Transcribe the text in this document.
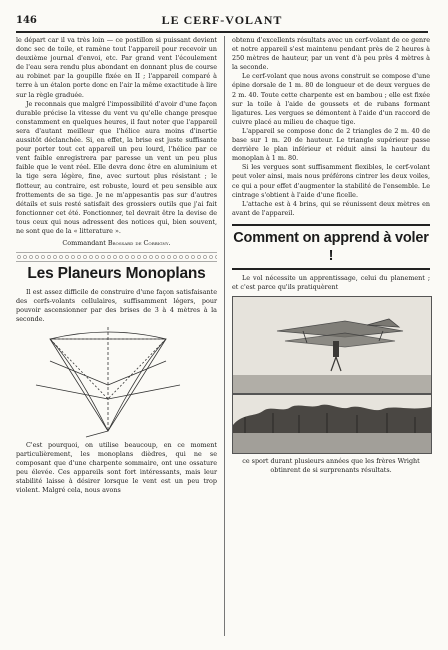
146	LE CERF-VOLANT

le départ car il va très loin — ce postillon si puissant devient donc sec de toile, et ramène tout l'appareil pour recevoir un deuxième journal d'envoi, etc. Par grand vent l'écoulement de l'eau sera rendu plus abondant en donnant plus de course au robinet par la goupille fixée en II ; l'appareil comparé à terre à un étalon porte donc en l'air la même exactitude à lire sur la règle graduée.

Je reconnais que malgré l'impossibilité d'avoir d'une façon durable précise la vitesse du vent vu qu'elle change presque constamment en quelques heures, il faut noter que l'appareil sera d'autant meilleur que l'hélice aura moins d'inertie aussitôt déclanchée. Si, en effet, la brise est juste suffisante pour porter tout cet appareil un peu lourd, l'hélice par ce vent faible enregistrera par paresse un vent un peu plus faible que le vent réel. Elle devra donc être en aluminium et la tige sera légère, fine, avec surtout plus résistant ; le flotteur, au contraire, est robuste, lourd et peu sensible aux frottements de sa tige. Je ne m'appesantis pas sur d'autres détails et suis resté satisfait des grossiers outils que j'ai fait fonctionner cet été. Fonctionner, tel devrait être la devise de tous ceux qui nous adressent des notices qui, bien souvent, ne sont que de la « litterature ».

Commandant Brossard de Corbigny.
Les Planeurs Monoplans

Il est assez difficile de construire d'une façon satisfaisante des cerfs-volants cellulaires, suffisamment légers, pour pouvoir ascensionner par des brises de 3 à 4 mètres à la seconde.

C'est pourquoi, on utilise beaucoup, en ce moment particulièrement, les monoplans dièdres, qui ne se composant que d'une charpente sommaire, ont une ossature peu élevée. Ces appareils sont fort intéressants, mais leur stabilité laisse à désirer lorsque le vent est un peu trop violent. Malgré cela, nous avons

obtenu d'excellents résultats avec un cerf-volant de ce genre et notre appareil s'est maintenu pendant près de 2 heures à 250 mètres de hauteur, par un vent d'à peu près 4 mètres à la seconde.

Le cerf-volant que nous avons construit se compose d'une épine dorsale de 1 m. 80 de longueur et de deux vergues de 2 m. 40. Toute cette charpente est en bambou ; elle est fixée sur la toile à l'aide de goussets et de rubans formant ligatures. Les vergues se démontent à l'aide d'un raccord de cuivre placé au milieu de chaque tige.

L'appareil se compose donc de 2 triangles de 2 m. 40 de base sur 1 m. 20 de hauteur. Le triangle supérieur passe derrière le plan inférieur et réduit ainsi la hauteur du monoplan à 1 m. 80.

Si les vergues sont suffisamment flexibles, le cerf-volant peut voler ainsi, mais nous préférons cintrer les deux voiles, ce qui a pour effet d'augmenter la stabilité de l'ensemble. Le cintrage s'obtient à l'aide d'une ficelle.

L'attache est à 4 brins, qui se réunissent deux mètres en avant de l'appareil.

Comment on apprend à voler !

Le vol nécessite un apprentissage, celui du planement ; et c'est parce qu'ils pratiquèrent

ce sport durant plusieurs années que les frères Wright obtinrent de si surprenants résultats.
